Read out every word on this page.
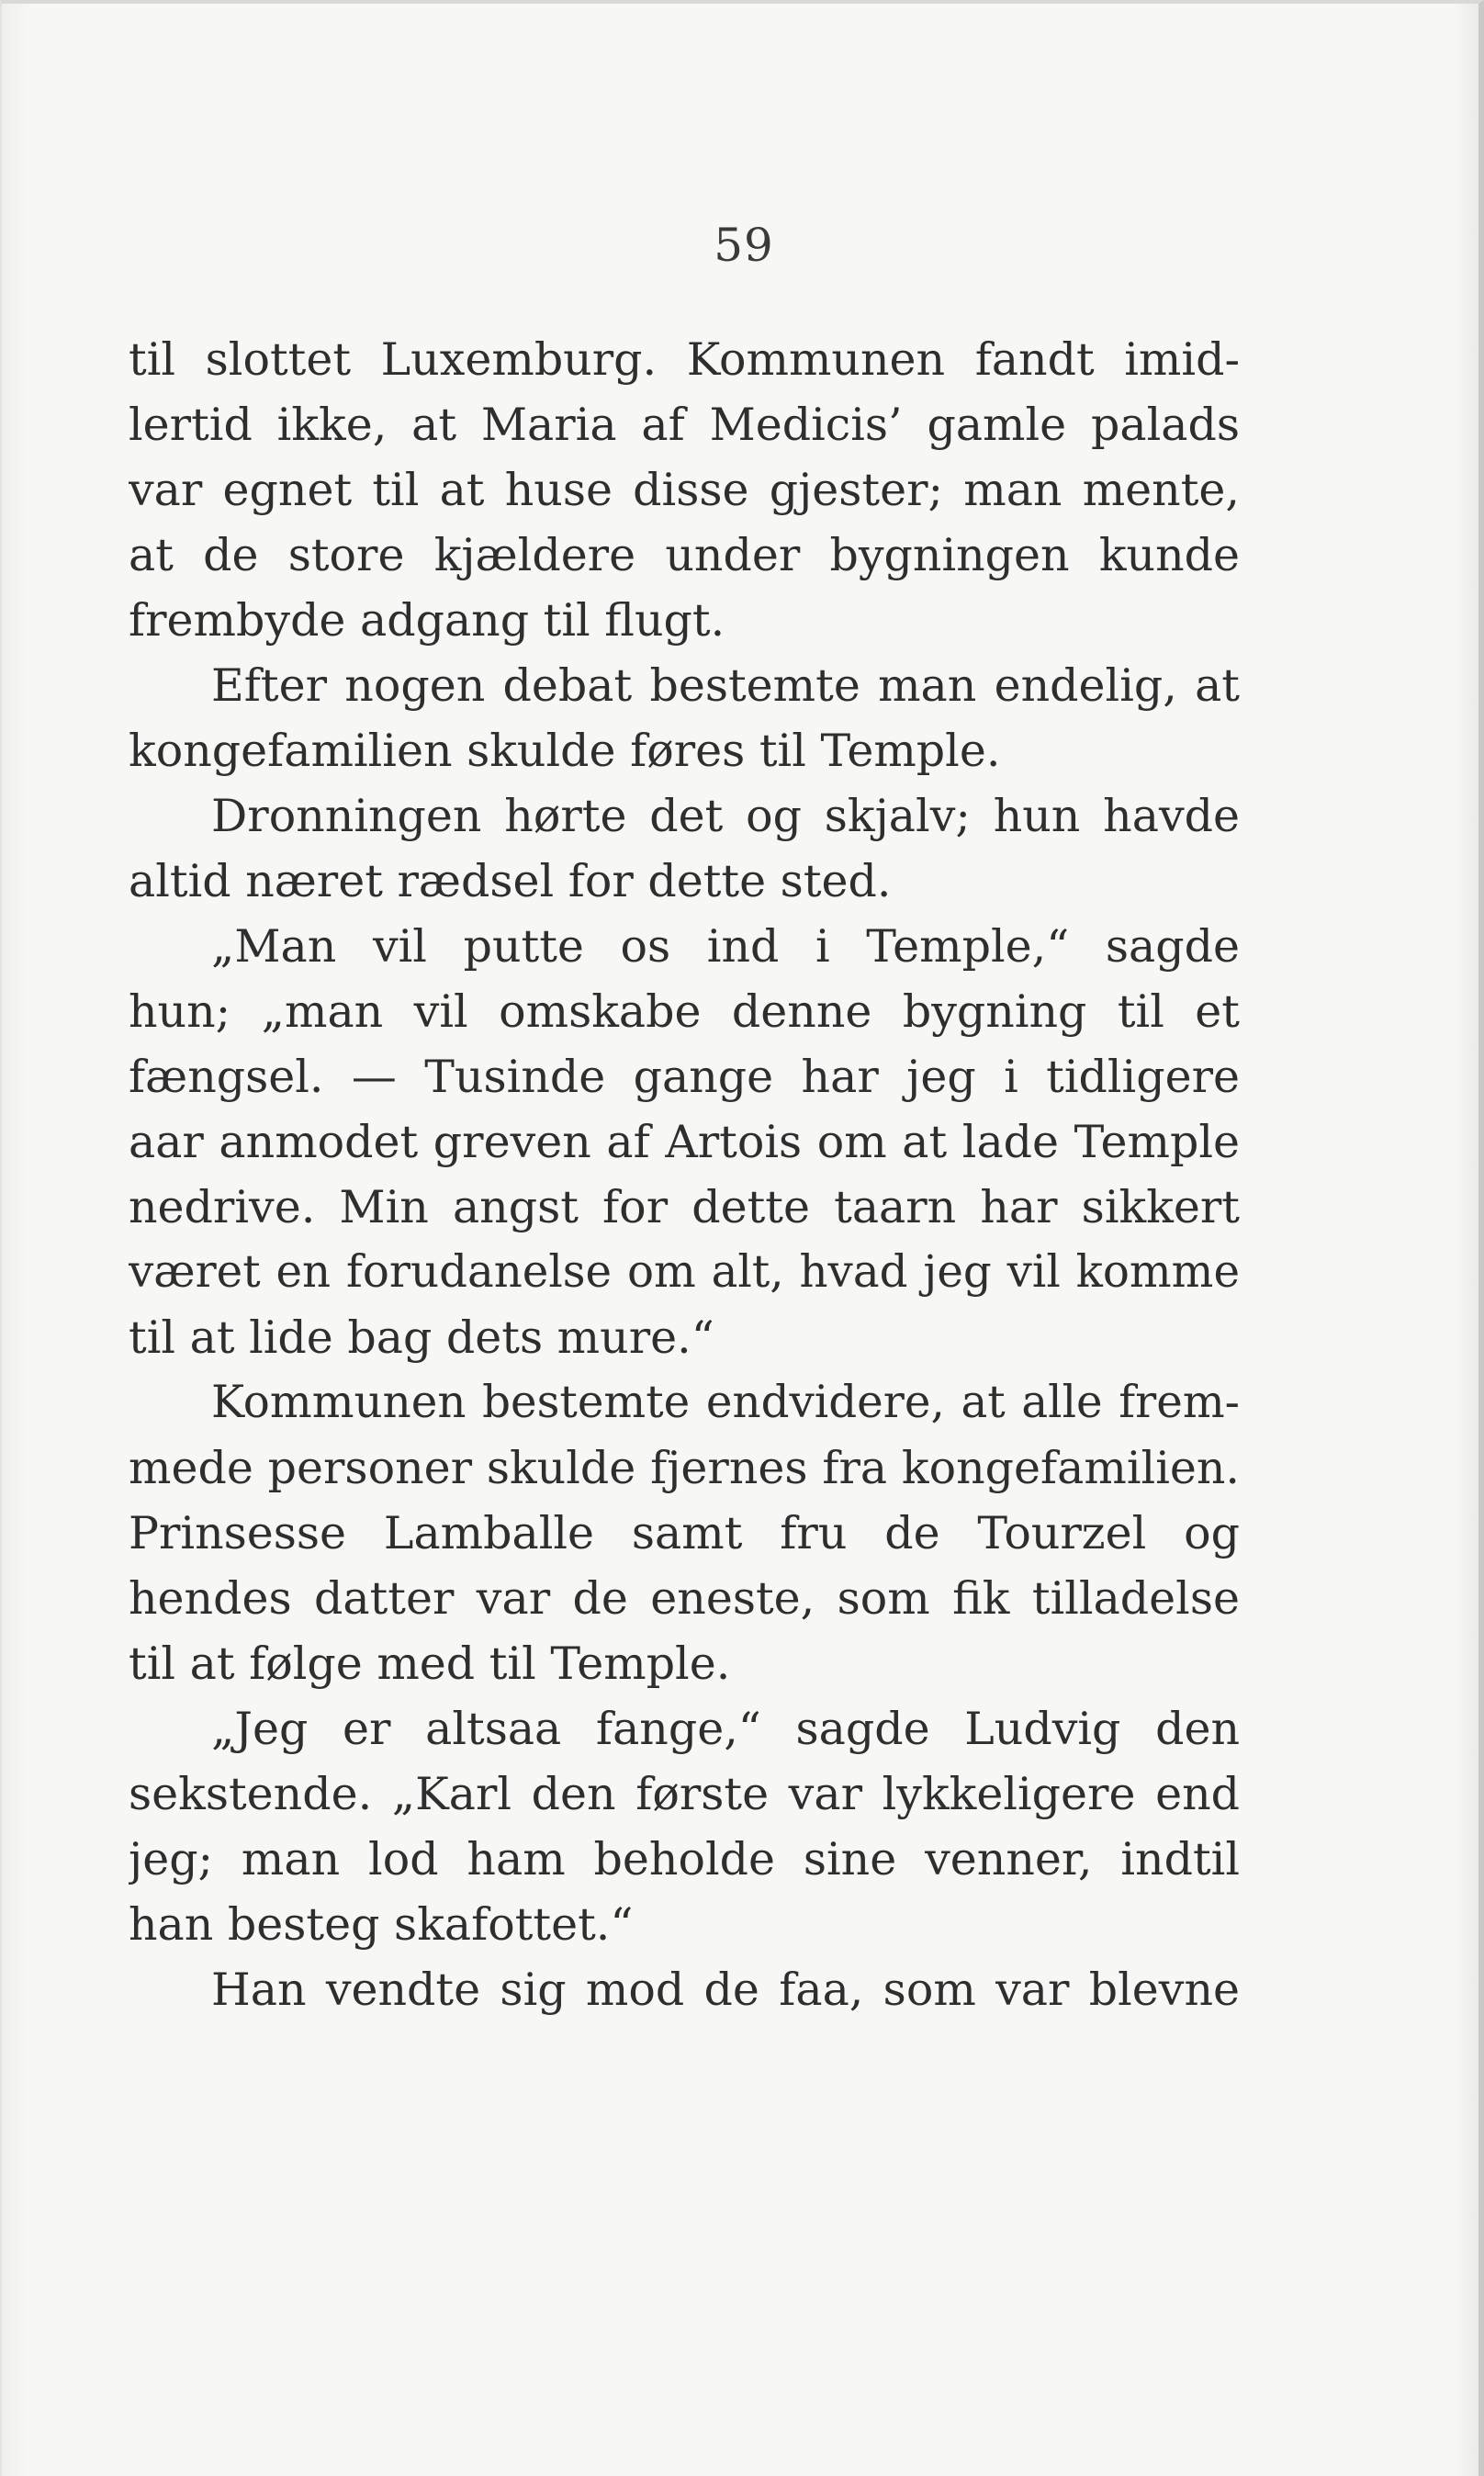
59
til slottet Luxemburg. Kommunen fandt imid-
lertid ikke, at Maria af Medicis’ gamle palads
var egnet til at huse disse gjester; man mente,
at de store kjældere under bygningen kunde
frembyde adgang til flugt.
Efter nogen debat bestemte man endelig, at
kongefamilien skulde føres til Temple.
Dronningen hørte det og skjalv; hun havde
altid næret rædsel for dette sted.
„Man vil putte os ind i Temple,“ sagde
hun; „man vil omskabe denne bygning til et
fængsel. — Tusinde gange har jeg i tidligere
aar anmodet greven af Artois om at lade Temple
nedrive. Min angst for dette taarn har sikkert
været en forudanelse om alt, hvad jeg vil komme
til at lide bag dets mure.“
Kommunen bestemte endvidere, at alle frem-
mede personer skulde fjernes fra kongefamilien.
Prinsesse Lamballe samt fru de Tourzel og
hendes datter var de eneste, som fik tilladelse
til at følge med til Temple.
„Jeg er altsaa fange,“ sagde Ludvig den
sekstende. „Karl den første var lykkeligere end
jeg; man lod ham beholde sine venner, indtil
han besteg skafottet.“
Han vendte sig mod de faa, som var blevne
